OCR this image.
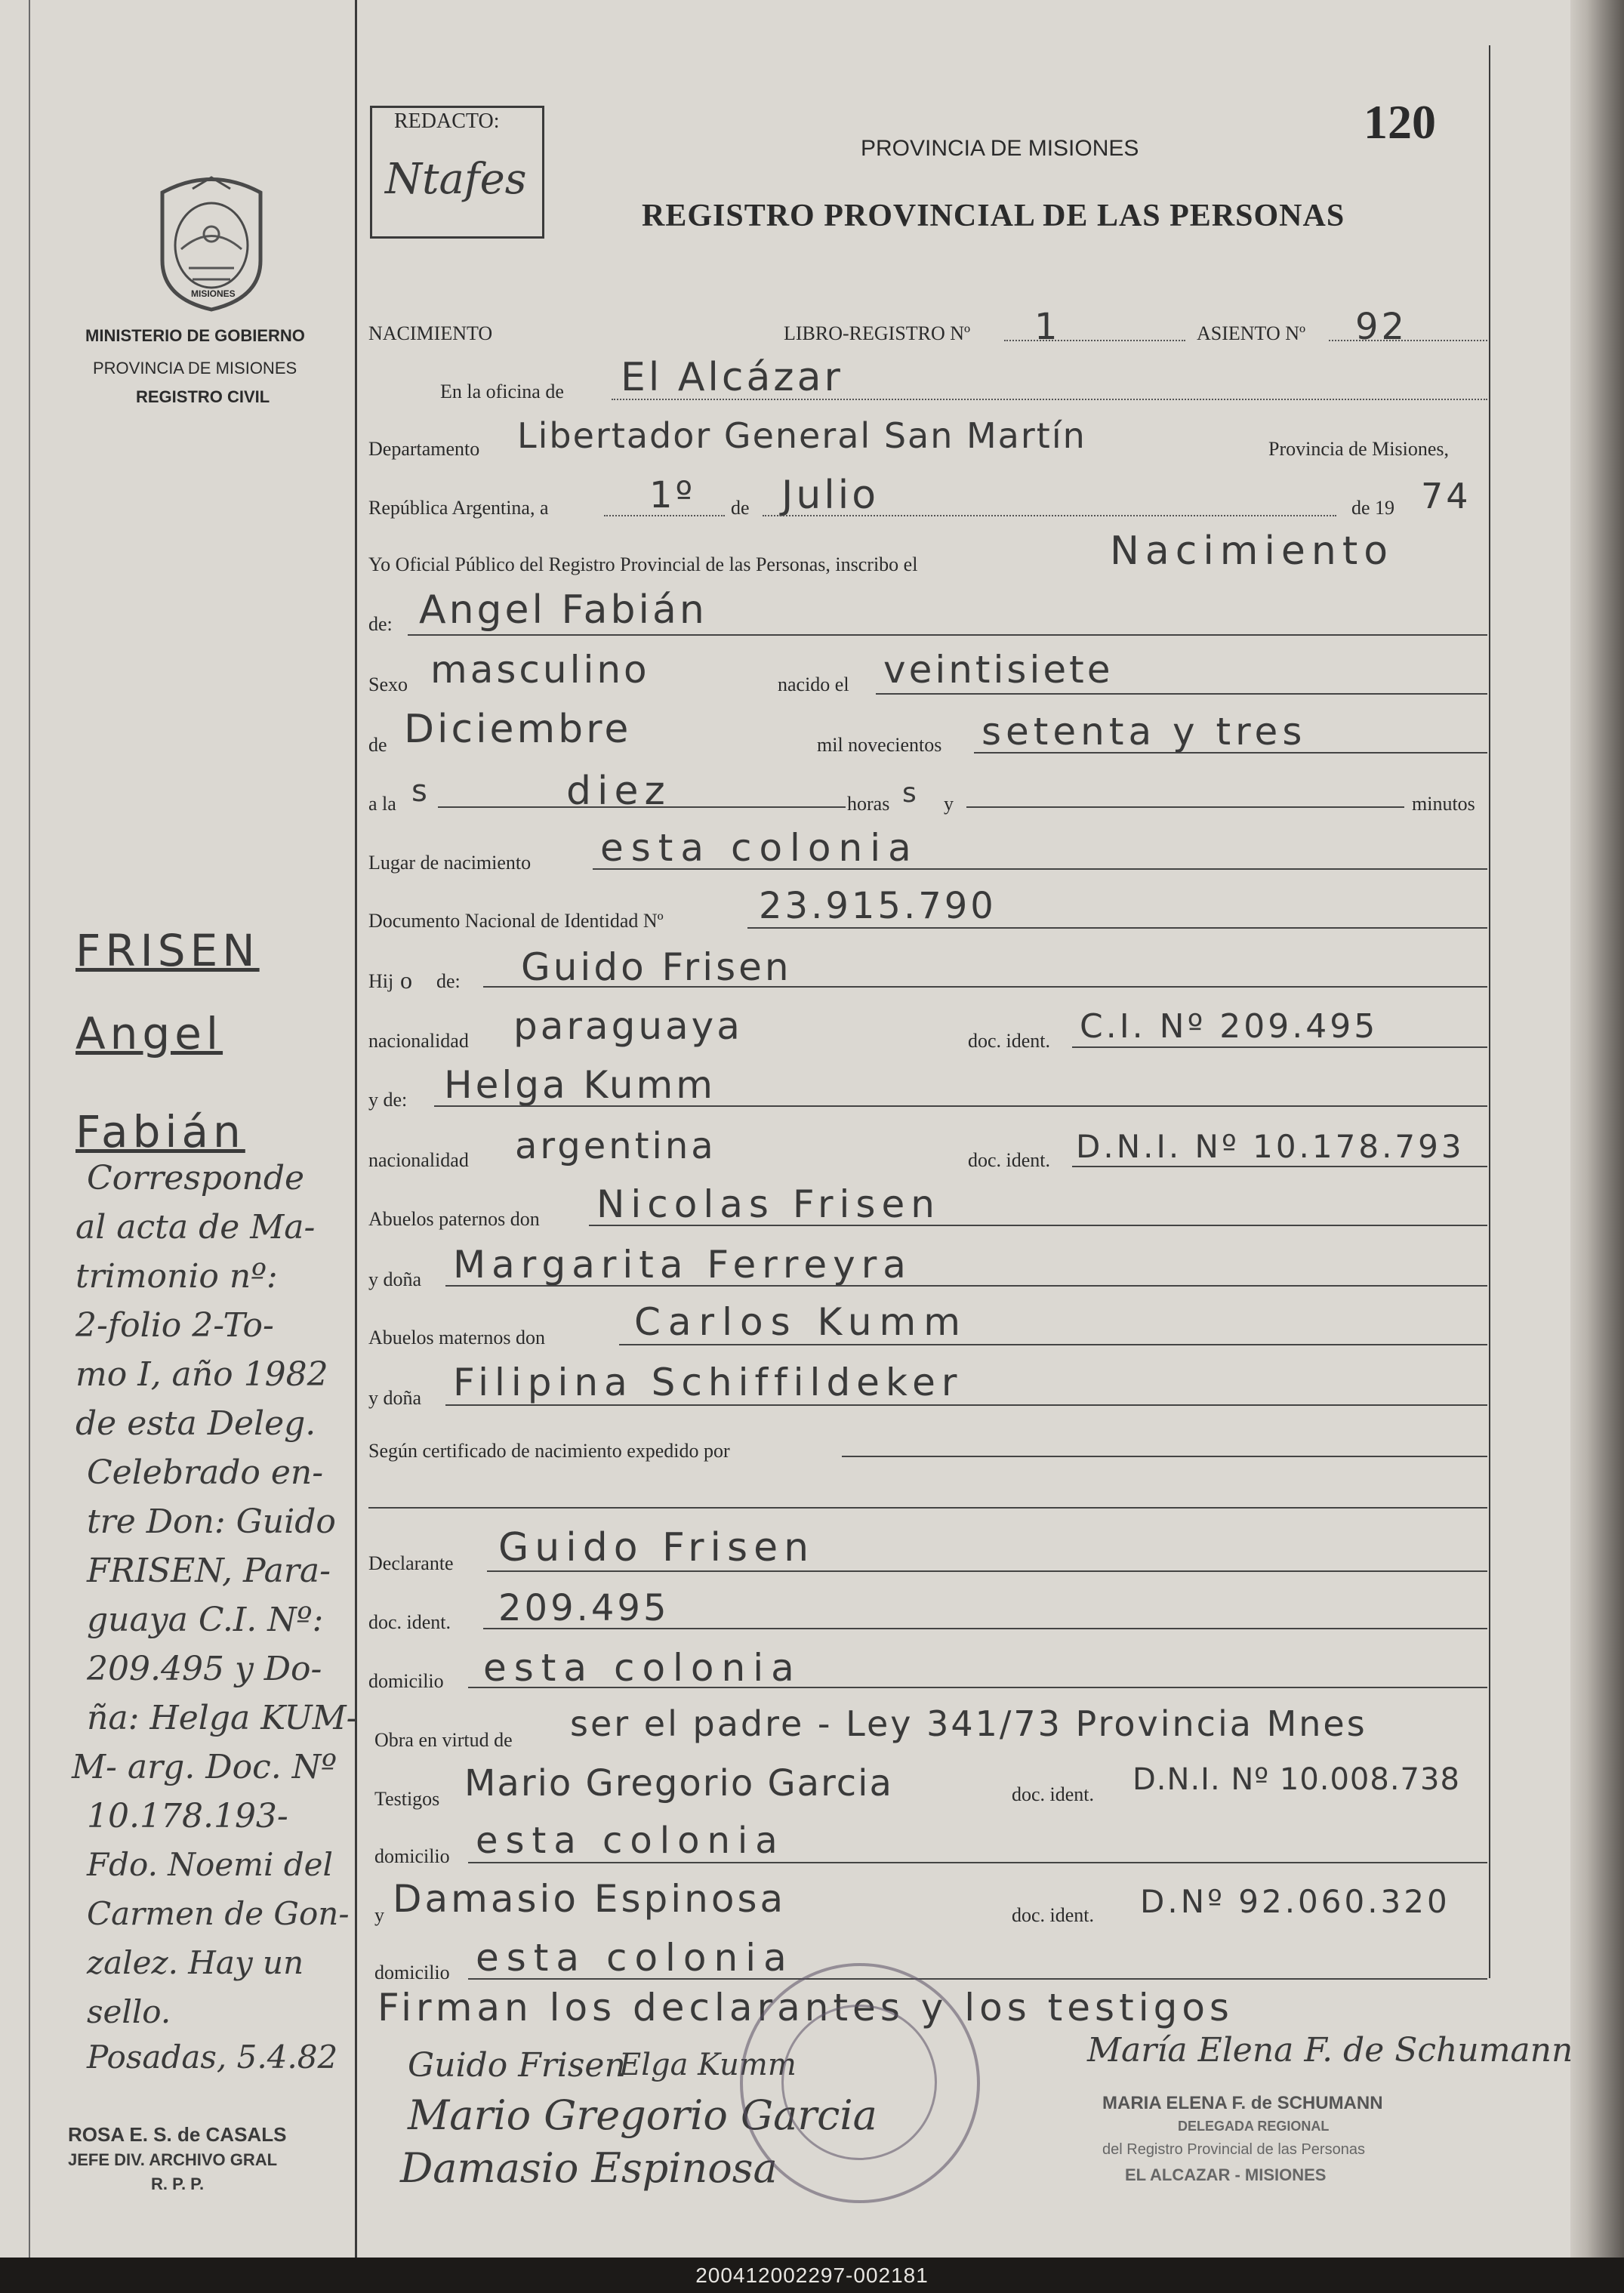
REDACTO:
Ntafes
120
PROVINCIA DE MISIONES
REGISTRO PROVINCIAL DE LAS PERSONAS
MISIONES
MINISTERIO DE GOBIERNO
PROVINCIA DE MISIONES
REGISTRO CIVIL
NACIMIENTO	LIBRO-REGISTRO Nº 1	ASIENTO Nº 92
En la oficina de El Alcázar
Departamento Libertador General San Martín	Provincia de Misiones,
República Argentina, a	1º de Julio	de 19 74
Yo Oficial Público del Registro Provincial de las Personas, inscribo el	Nacimiento
de: Angel Fabián
Sexo masculino	nacido el veintisiete
de Diciembre	mil novecientos setenta y tres
a la s	diez	horas s y	minutos
Lugar de nacimiento esta colonia
Documento Nacional de Identidad Nº	23.915.790
Hij o de: Guido Frisen
nacionalidad paraguaya	doc. ident. C.I. Nº 209.495
y de: Helga Kumm
nacionalidad argentina	doc. ident. D.N.I. Nº 10.178.793
Abuelos paternos don Nicolas Frisen
y doña Margarita Ferreyra
Abuelos maternos don Carlos Kumm
y doña Filipina Schiffildeker
Según certificado de nacimiento expedido por
Declarante Guido Frisen
doc. ident. 209.495
domicilio esta colonia
Obra en virtud de ser el padre - Ley 341/73 Provincia Mnes
Testigos Mario Gregorio Garcia	doc. ident. D.N.I. Nº 10.008.738
domicilio esta colonia
y Damasio Espinosa	doc. ident. D.Nº 92.060.320
domicilio esta colonia
Firman los declarantes y los testigos
Guido Frisen
Elga Kumm
Mario Gregorio Garcia
Damasio Espinosa
María Elena F. de Schumann
MARIA ELENA F. de SCHUMANN
DELEGADA REGIONAL
del Registro Provincial de las Personas
EL ALCAZAR - MISIONES
FRISEN
Angel
Fabián
Corresponde
al acta de Ma-
trimonio nº:
2-folio 2-To-
mo I, año 1982
de esta Deleg.
Celebrado en-
tre Don: Guido
FRISEN, Para-
guaya C.I. Nº:
209.495 y Do-
ña: Helga KUM-
M- arg. Doc. Nº
10.178.193-
Fdo. Noemi del
Carmen de Gon-
zalez. Hay un
sello.
Posadas, 5.4.82
ROSA E. S. de CASALS
JEFE DIV. ARCHIVO GRAL
R. P. P.
200412002297-002181
